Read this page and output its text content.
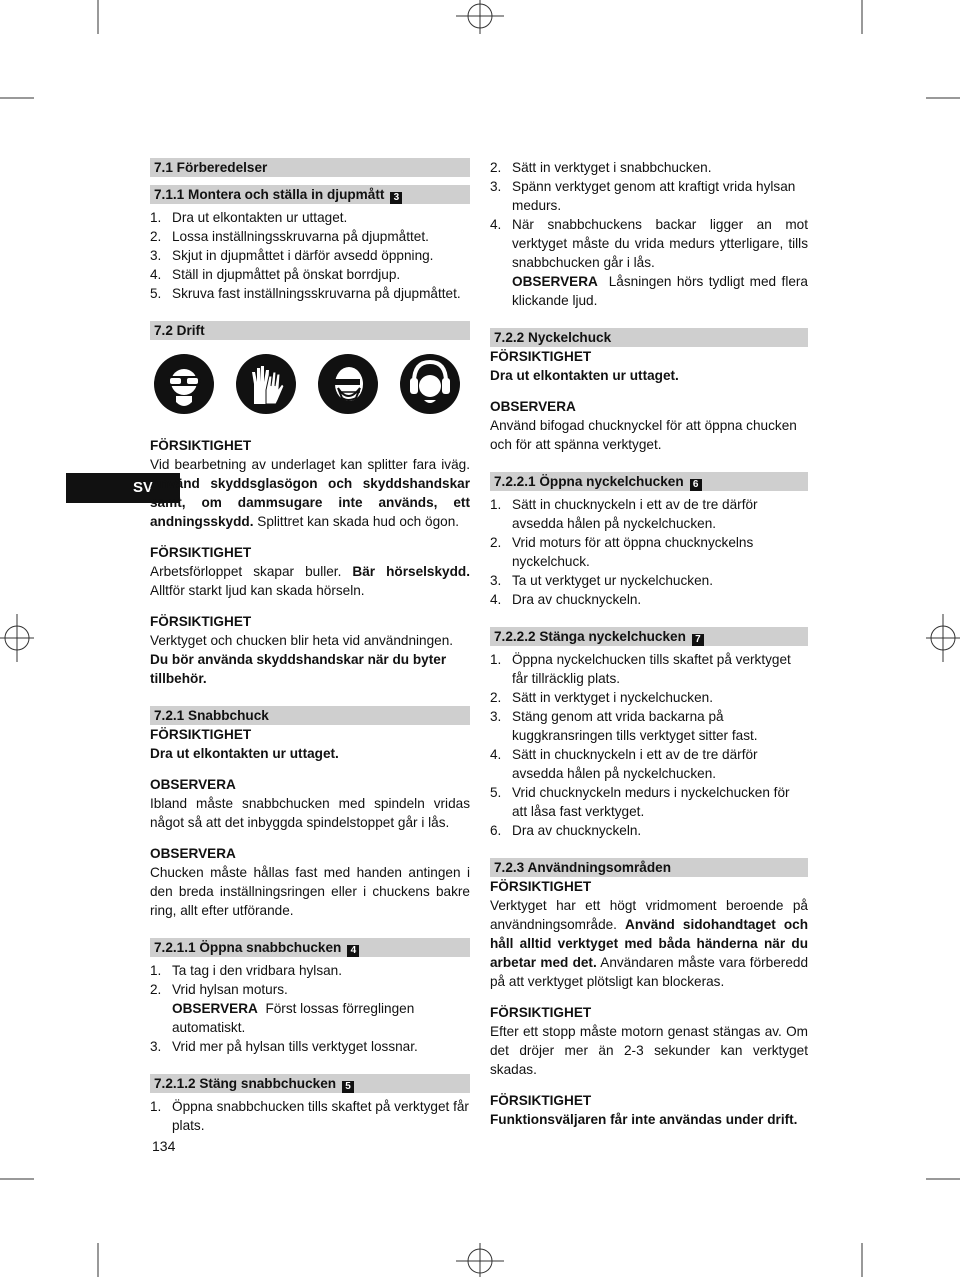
SV
7.1 Förberedelser
7.1.1 Montera och ställa in djupmått 3
1. Dra ut elkontakten ur uttaget.
2. Lossa inställningsskruvarna på djupmåttet.
3. Skjut in djupmåttet i därför avsedd öppning.
4. Ställ in djupmåttet på önskat borrdjup.
5. Skruva fast inställningsskruvarna på djupmåttet.
7.2 Drift

FÖRSIKTIGHET

Vid bearbetning av underlaget kan splitter fara iväg. Använd skyddsglasögon och skyddshandskar samt, om dammsugare inte används, ett andningsskydd. Splittret kan skada hud och ögon.

FÖRSIKTIGHET

Arbetsförloppet skapar buller. Bär hörselskydd. Alltför starkt ljud kan skada hörseln.

FÖRSIKTIGHET

Verktyget och chucken blir heta vid användningen. Du bör använda skyddshandskar när du byter tillbehör.

7.2.1 Snabbchuck

FÖRSIKTIGHET

Dra ut elkontakten ur uttaget.

OBSERVERA

Ibland måste snabbchucken med spindeln vridas något så att det inbyggda spindelstoppet går i lås.

OBSERVERA

Chucken måste hållas fast med handen antingen i den breda inställningsringen eller i chuckens bakre ring, allt efter utförande.

7.2.1.1 Öppna snabbchucken 4
1. Ta tag i den vridbara hylsan.
2. Vrid hylsan moturs.
OBSERVERA Först lossas förreglingen automatiskt.
3. Vrid mer på hylsan tills verktyget lossnar.
7.2.1.2 Stäng snabbchucken 5
1. Öppna snabbchucken tills skaftet på verktyget får plats.
2. Sätt in verktyget i snabbchucken.
3. Spänn verktyget genom att kraftigt vrida hylsan medurs.
4. När snabbchuckens backar ligger an mot verktyget måste du vrida medurs ytterligare, tills snabbchucken går i lås.
OBSERVERA Låsningen hörs tydligt med flera klickande ljud.
7.2.2 Nyckelchuck

FÖRSIKTIGHET

Dra ut elkontakten ur uttaget.

OBSERVERA

Använd bifogad chucknyckel för att öppna chucken och för att spänna verktyget.

7.2.2.1 Öppna nyckelchucken 6
1. Sätt in chucknyckeln i ett av de tre därför avsedda hålen på nyckelchucken.
2. Vrid moturs för att öppna chucknyckelns nyckelchuck.
3. Ta ut verktyget ur nyckelchucken.
4. Dra av chucknyckeln.
7.2.2.2 Stänga nyckelchucken 7
1. Öppna nyckelchucken tills skaftet på verktyget får tillräcklig plats.
2. Sätt in verktyget i nyckelchucken.
3. Stäng genom att vrida backarna på kuggkransringen tills verktyget sitter fast.
4. Sätt in chucknyckeln i ett av de tre därför avsedda hålen på nyckelchucken.
5. Vrid chucknyckeln medurs i nyckelchucken för att låsa fast verktyget.
6. Dra av chucknyckeln.
7.2.3 Användningsområden

FÖRSIKTIGHET

Verktyget har ett högt vridmoment beroende på användningsområde. Använd sidohandtaget och håll alltid verktyget med båda händerna när du arbetar med det. Användaren måste vara förberedd på att verktyget plötsligt kan blockeras.

FÖRSIKTIGHET

Efter ett stopp måste motorn genast stängas av. Om det dröjer mer än 2-3 sekunder kan verktyget skadas.

FÖRSIKTIGHET

Funktionsväljaren får inte användas under drift.

134
